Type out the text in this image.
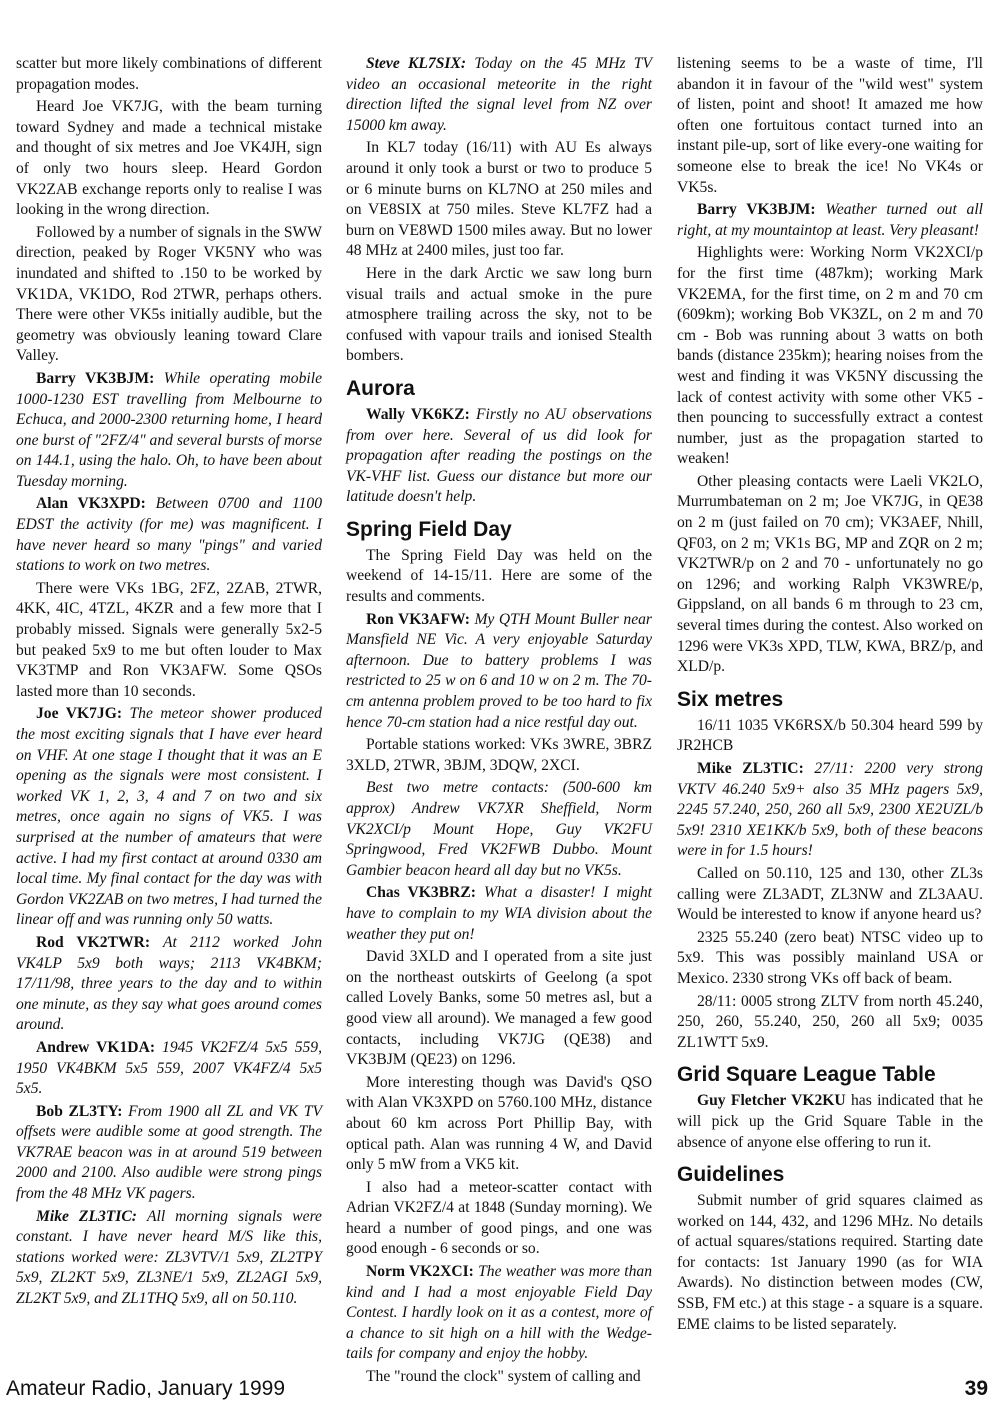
scatter but more likely combinations of different propagation modes.

Heard Joe VK7JG, with the beam turning toward Sydney and made a technical mistake and thought of six metres and Joe VK4JH, sign of only two hours sleep. Heard Gordon VK2ZAB exchange reports only to realise I was looking in the wrong direction.

Followed by a number of signals in the SWW direction, peaked by Roger VK5NY who was inundated and shifted to .150 to be worked by VK1DA, VK1DO, Rod 2TWR, perhaps others. There were other VK5s initially audible, but the geometry was obviously leaning toward Clare Valley.

Barry VK3BJM: While operating mobile 1000-1230 EST travelling from Melbourne to Echuca, and 2000-2300 returning home, I heard one burst of "2FZ/4" and several bursts of morse on 144.1, using the halo. Oh, to have been about Tuesday morning.

Alan VK3XPD: Between 0700 and 1100 EDST the activity (for me) was magnificent. I have never heard so many "pings" and varied stations to work on two metres.

There were VKs 1BG, 2FZ, 2ZAB, 2TWR, 4KK, 4IC, 4TZL, 4KZR and a few more that I probably missed. Signals were generally 5x2-5 but peaked 5x9 to me but often louder to Max VK3TMP and Ron VK3AFW. Some QSOs lasted more than 10 seconds.

Joe VK7JG: The meteor shower produced the most exciting signals that I have ever heard on VHF. At one stage I thought that it was an E opening as the signals were most consistent. I worked VK 1, 2, 3, 4 and 7 on two and six metres, once again no signs of VK5. I was surprised at the number of amateurs that were active. I had my first contact at around 0330 am local time. My final contact for the day was with Gordon VK2ZAB on two metres, I had turned the linear off and was running only 50 watts.

Rod VK2TWR: At 2112 worked John VK4LP 5x9 both ways; 2113 VK4BKM; 17/11/98, three years to the day and to within one minute, as they say what goes around comes around.

Andrew VK1DA: 1945 VK2FZ/4 5x5 559, 1950 VK4BKM 5x5 559, 2007 VK4FZ/4 5x5 5x5.

Bob ZL3TY: From 1900 all ZL and VK TV offsets were audible some at good strength. The VK7RAE beacon was in at around 519 between 2000 and 2100. Also audible were strong pings from the 48 MHz VK pagers.

Mike ZL3TIC: All morning signals were constant. I have never heard M/S like this, stations worked were: ZL3VTV/1 5x9, ZL2TPY 5x9, ZL2KT 5x9, ZL3NE/1 5x9, ZL2AGI 5x9, ZL2KT 5x9, and ZL1THQ 5x9, all on 50.110.

Steve KL7SIX: Today on the 45 MHz TV video an occasional meteorite in the right direction lifted the signal level from NZ over 15000 km away.

In KL7 today (16/11) with AU Es always around it only took a burst or two to produce 5 or 6 minute burns on KL7NO at 250 miles and on VE8SIX at 750 miles. Steve KL7FZ had a burn on VE8WD 1500 miles away. But no lower 48 MHz at 2400 miles, just too far.

Here in the dark Arctic we saw long burn visual trails and actual smoke in the pure atmosphere trailing across the sky, not to be confused with vapour trails and ionised Stealth bombers.

Aurora

Wally VK6KZ: Firstly no AU observations from over here. Several of us did look for propagation after reading the postings on the VK-VHF list. Guess our distance but more our latitude doesn't help.

Spring Field Day

The Spring Field Day was held on the weekend of 14-15/11. Here are some of the results and comments.

Ron VK3AFW: My QTH Mount Buller near Mansfield NE Vic. A very enjoyable Saturday afternoon. Due to battery problems I was restricted to 25 w on 6 and 10 w on 2 m. The 70-cm antenna problem proved to be too hard to fix hence 70-cm station had a nice restful day out.

Portable stations worked: VKs 3WRE, 3BRZ 3XLD, 2TWR, 3BJM, 3DQW, 2XCI.

Best two metre contacts: (500-600 km approx) Andrew VK7XR Sheffield, Norm VK2XCI/p Mount Hope, Guy VK2FU Springwood, Fred VK2FWB Dubbo. Mount Gambier beacon heard all day but no VK5s.

Chas VK3BRZ: What a disaster! I might have to complain to my WIA division about the weather they put on!

David 3XLD and I operated from a site just on the northeast outskirts of Geelong (a spot called Lovely Banks, some 50 metres asl, but a good view all around). We managed a few good contacts, including VK7JG (QE38) and VK3BJM (QE23) on 1296.

More interesting though was David's QSO with Alan VK3XPD on 5760.100 MHz, distance about 60 km across Port Phillip Bay, with optical path. Alan was running 4 W, and David only 5 mW from a VK5 kit.

I also had a meteor-scatter contact with Adrian VK2FZ/4 at 1848 (Sunday morning). We heard a number of good pings, and one was good enough - 6 seconds or so.

Norm VK2XCI: The weather was more than kind and I had a most enjoyable Field Day Contest. I hardly look on it as a contest, more of a chance to sit high on a hill with the Wedge-tails for company and enjoy the hobby.

The "round the clock" system of calling and

listening seems to be a waste of time, I'll abandon it in favour of the "wild west" system of listen, point and shoot! It amazed me how often one fortuitous contact turned into an instant pile-up, sort of like every-one waiting for someone else to break the ice! No VK4s or VK5s.

Barry VK3BJM: Weather turned out all right, at my mountaintop at least. Very pleasant!

Highlights were: Working Norm VK2XCI/p for the first time (487km); working Mark VK2EMA, for the first time, on 2 m and 70 cm (609km); working Bob VK3ZL, on 2 m and 70 cm - Bob was running about 3 watts on both bands (distance 235km); hearing noises from the west and finding it was VK5NY discussing the lack of contest activity with some other VK5 - then pouncing to successfully extract a contest number, just as the propagation started to weaken!

Other pleasing contacts were Laeli VK2LO, Murrumbateman on 2 m; Joe VK7JG, in QE38 on 2 m (just failed on 70 cm); VK3AEF, Nhill, QF03, on 2 m; VK1s BG, MP and ZQR on 2 m; VK2TWR/p on 2 and 70 - unfortunately no go on 1296; and working Ralph VK3WRE/p, Gippsland, on all bands 6 m through to 23 cm, several times during the contest. Also worked on 1296 were VK3s XPD, TLW, KWA, BRZ/p, and XLD/p.

Six metres

16/11 1035 VK6RSX/b 50.304 heard 599 by JR2HCB

Mike ZL3TIC: 27/11: 2200 very strong VKTV 46.240 5x9+ also 35 MHz pagers 5x9, 2245 57.240, 250, 260 all 5x9, 2300 XE2UZL/b 5x9! 2310 XE1KK/b 5x9, both of these beacons were in for 1.5 hours!

Called on 50.110, 125 and 130, other ZL3s calling were ZL3ADT, ZL3NW and ZL3AAU. Would be interested to know if anyone heard us?

2325 55.240 (zero beat) NTSC video up to 5x9. This was possibly mainland USA or Mexico. 2330 strong VKs off back of beam.

28/11: 0005 strong ZLTV from north 45.240, 250, 260, 55.240, 250, 260 all 5x9; 0035 ZL1WTT 5x9.

Grid Square League Table

Guy Fletcher VK2KU has indicated that he will pick up the Grid Square Table in the absence of anyone else offering to run it.

Guidelines

Submit number of grid squares claimed as worked on 144, 432, and 1296 MHz. No details of actual squares/stations required. Starting date for contacts: 1st January 1990 (as for WIA Awards). No distinction between modes (CW, SSB, FM etc.) at this stage - a square is a square. EME claims to be listed separately.

Amateur Radio, January 1999	39
